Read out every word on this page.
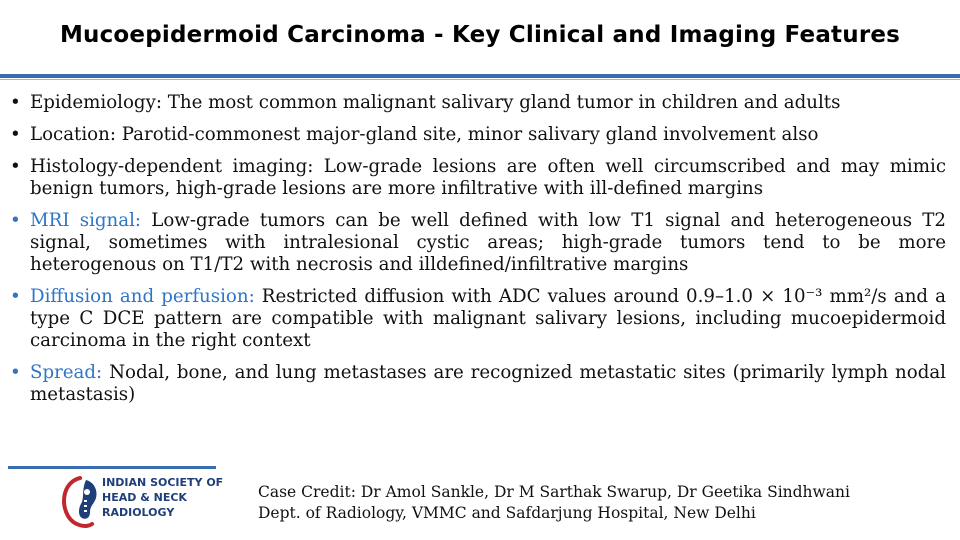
Mucoepidermoid Carcinoma - Key Clinical and Imaging Features
• Epidemiology: The most common malignant salivary gland tumor in children and adults
• Location: Parotid-commonest major-gland site, minor salivary gland involvement also
• Histology-dependent imaging: Low-grade lesions are often well circumscribed and may mimic benign tumors, high-grade lesions are more infiltrative with ill-defined margins
• MRI signal: Low-grade tumors can be well defined with low T1 signal and heterogeneous T2 signal, sometimes with intralesional cystic areas; high-grade tumors tend to be more heterogenous on T1/T2 with necrosis and illdefined/infiltrative margins
• Diffusion and perfusion: Restricted diffusion with ADC values around 0.9–1.0 × 10⁻³ mm²/s and a type C DCE pattern are compatible with malignant salivary lesions, including mucoepidermoid carcinoma in the right context
• Spread: Nodal, bone, and lung metastases are recognized metastatic sites (primarily lymph nodal metastasis)
INDIAN SOCIETY OF
HEAD & NECK
RADIOLOGY
Case Credit: Dr Amol Sankle, Dr M Sarthak Swarup, Dr Geetika Sindhwani
Dept. of Radiology, VMMC and Safdarjung Hospital, New Delhi
